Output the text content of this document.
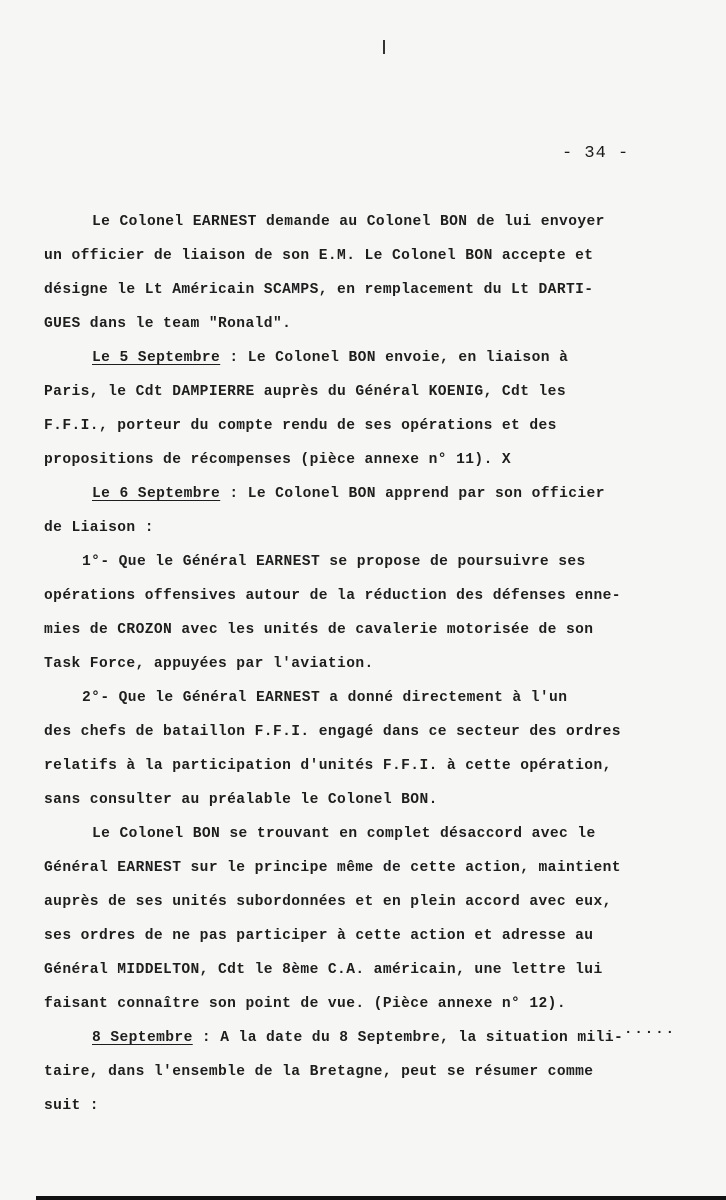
- 34 -
Le Colonel EARNEST demande au Colonel BON de lui envoyer
un officier de liaison de son E.M. Le Colonel BON accepte et
désigne le Lt Américain SCAMPS, en remplacement du Lt DARTI-
GUES dans le team "Ronald".
Le 5 Septembre : Le Colonel BON envoie, en liaison à
Paris, le Cdt DAMPIERRE auprès du Général KOENIG, Cdt les
F.F.I., porteur du compte rendu de ses opérations et des
propositions de récompenses (pièce annexe n° 11). X
Le 6 Septembre : Le Colonel BON apprend par son officier
de Liaison :
1°- Que le Général EARNEST se propose de poursuivre ses
opérations offensives autour de la réduction des défenses enne-
mies de CROZON avec les unités de cavalerie motorisée de son
Task Force, appuyées par l'aviation.
2°- Que le Général EARNEST a donné directement à l'un
des chefs de bataillon F.F.I. engagé dans ce secteur des ordres
relatifs à la participation d'unités F.F.I. à cette opération,
sans consulter au préalable le Colonel BON.
Le Colonel BON se trouvant en complet désaccord avec le
Général EARNEST sur le principe même de cette action, maintient
auprès de ses unités subordonnées et en plein accord avec eux,
ses ordres de ne pas participer à cette action et adresse au
Général MIDDELTON, Cdt le 8ème C.A. américain, une lettre lui
faisant connaître son point de vue. (Pièce annexe n° 12).
8 Septembre : A la date du 8 Septembre, la situation mili-
taire, dans l'ensemble de la Bretagne, peut se résumer comme
suit :
.....
